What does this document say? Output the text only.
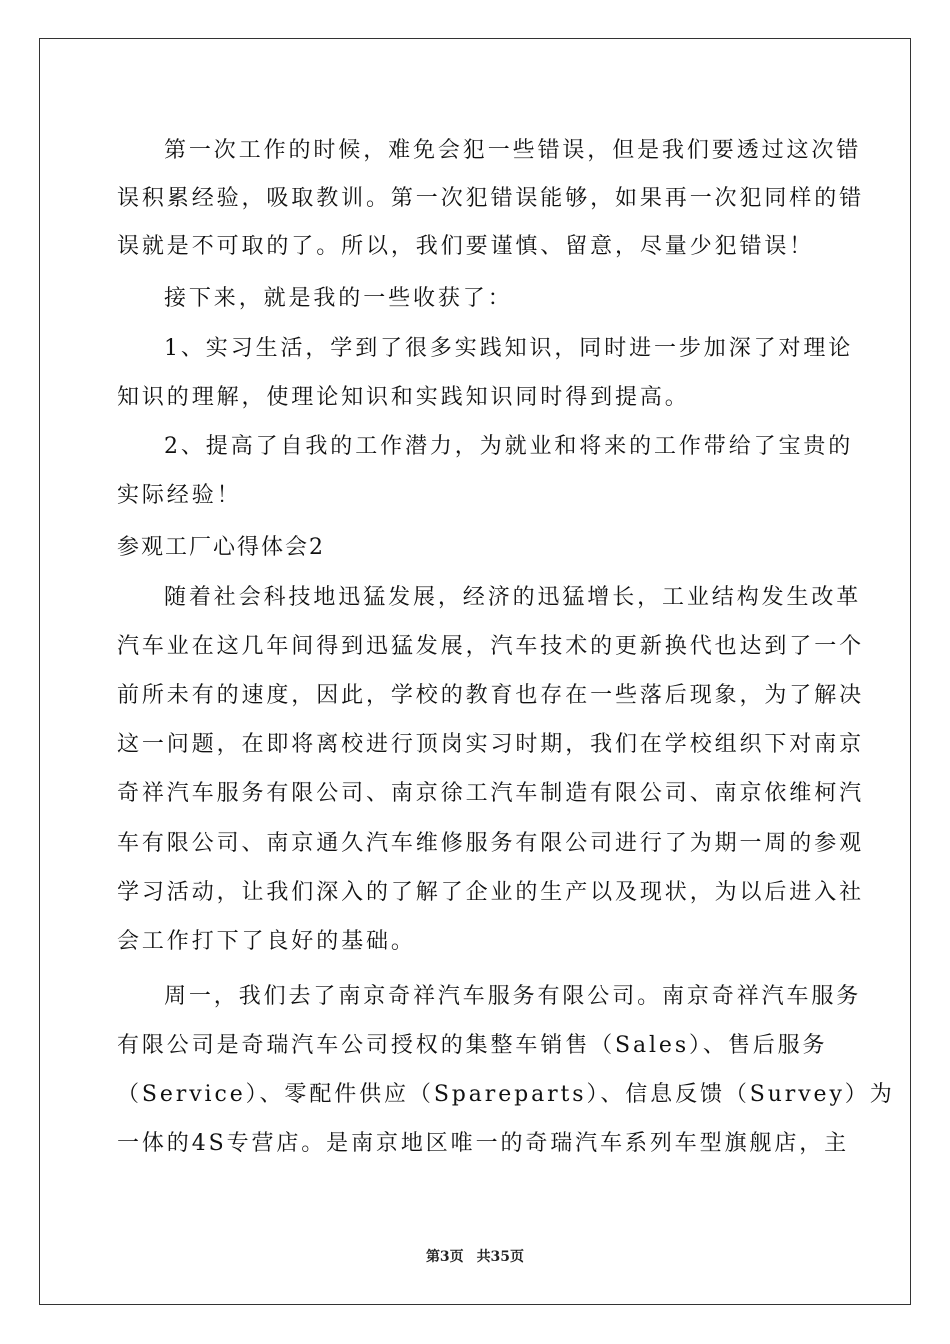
第一次工作的时候，难免会犯一些错误，但是我们要透过这次错
误积累经验，吸取教训。第一次犯错误能够，如果再一次犯同样的错
误就是不可取的了。所以，我们要谨慎、留意，尽量少犯错误！
接下来，就是我的一些收获了：
1、实习生活，学到了很多实践知识，同时进一步加深了对理论
知识的理解，使理论知识和实践知识同时得到提高。
2、提高了自我的工作潜力，为就业和将来的工作带给了宝贵的
实际经验！
参观工厂心得体会2
随着社会科技地迅猛发展，经济的迅猛增长，工业结构发生改革
汽车业在这几年间得到迅猛发展，汽车技术的更新换代也达到了一个
前所未有的速度，因此，学校的教育也存在一些落后现象，为了解决
这一问题，在即将离校进行顶岗实习时期，我们在学校组织下对南京
奇祥汽车服务有限公司、南京徐工汽车制造有限公司、南京依维柯汽
车有限公司、南京通久汽车维修服务有限公司进行了为期一周的参观
学习活动，让我们深入的了解了企业的生产以及现状，为以后进入社
会工作打下了良好的基础。
周一，我们去了南京奇祥汽车服务有限公司。南京奇祥汽车服务
有限公司是奇瑞汽车公司授权的集整车销售（Sales）、售后服务
（Service）、零配件供应（Spareparts）、信息反馈（Survey）为
一体的4S专营店。是南京地区唯一的奇瑞汽车系列车型旗舰店，主
第3页 共35页
